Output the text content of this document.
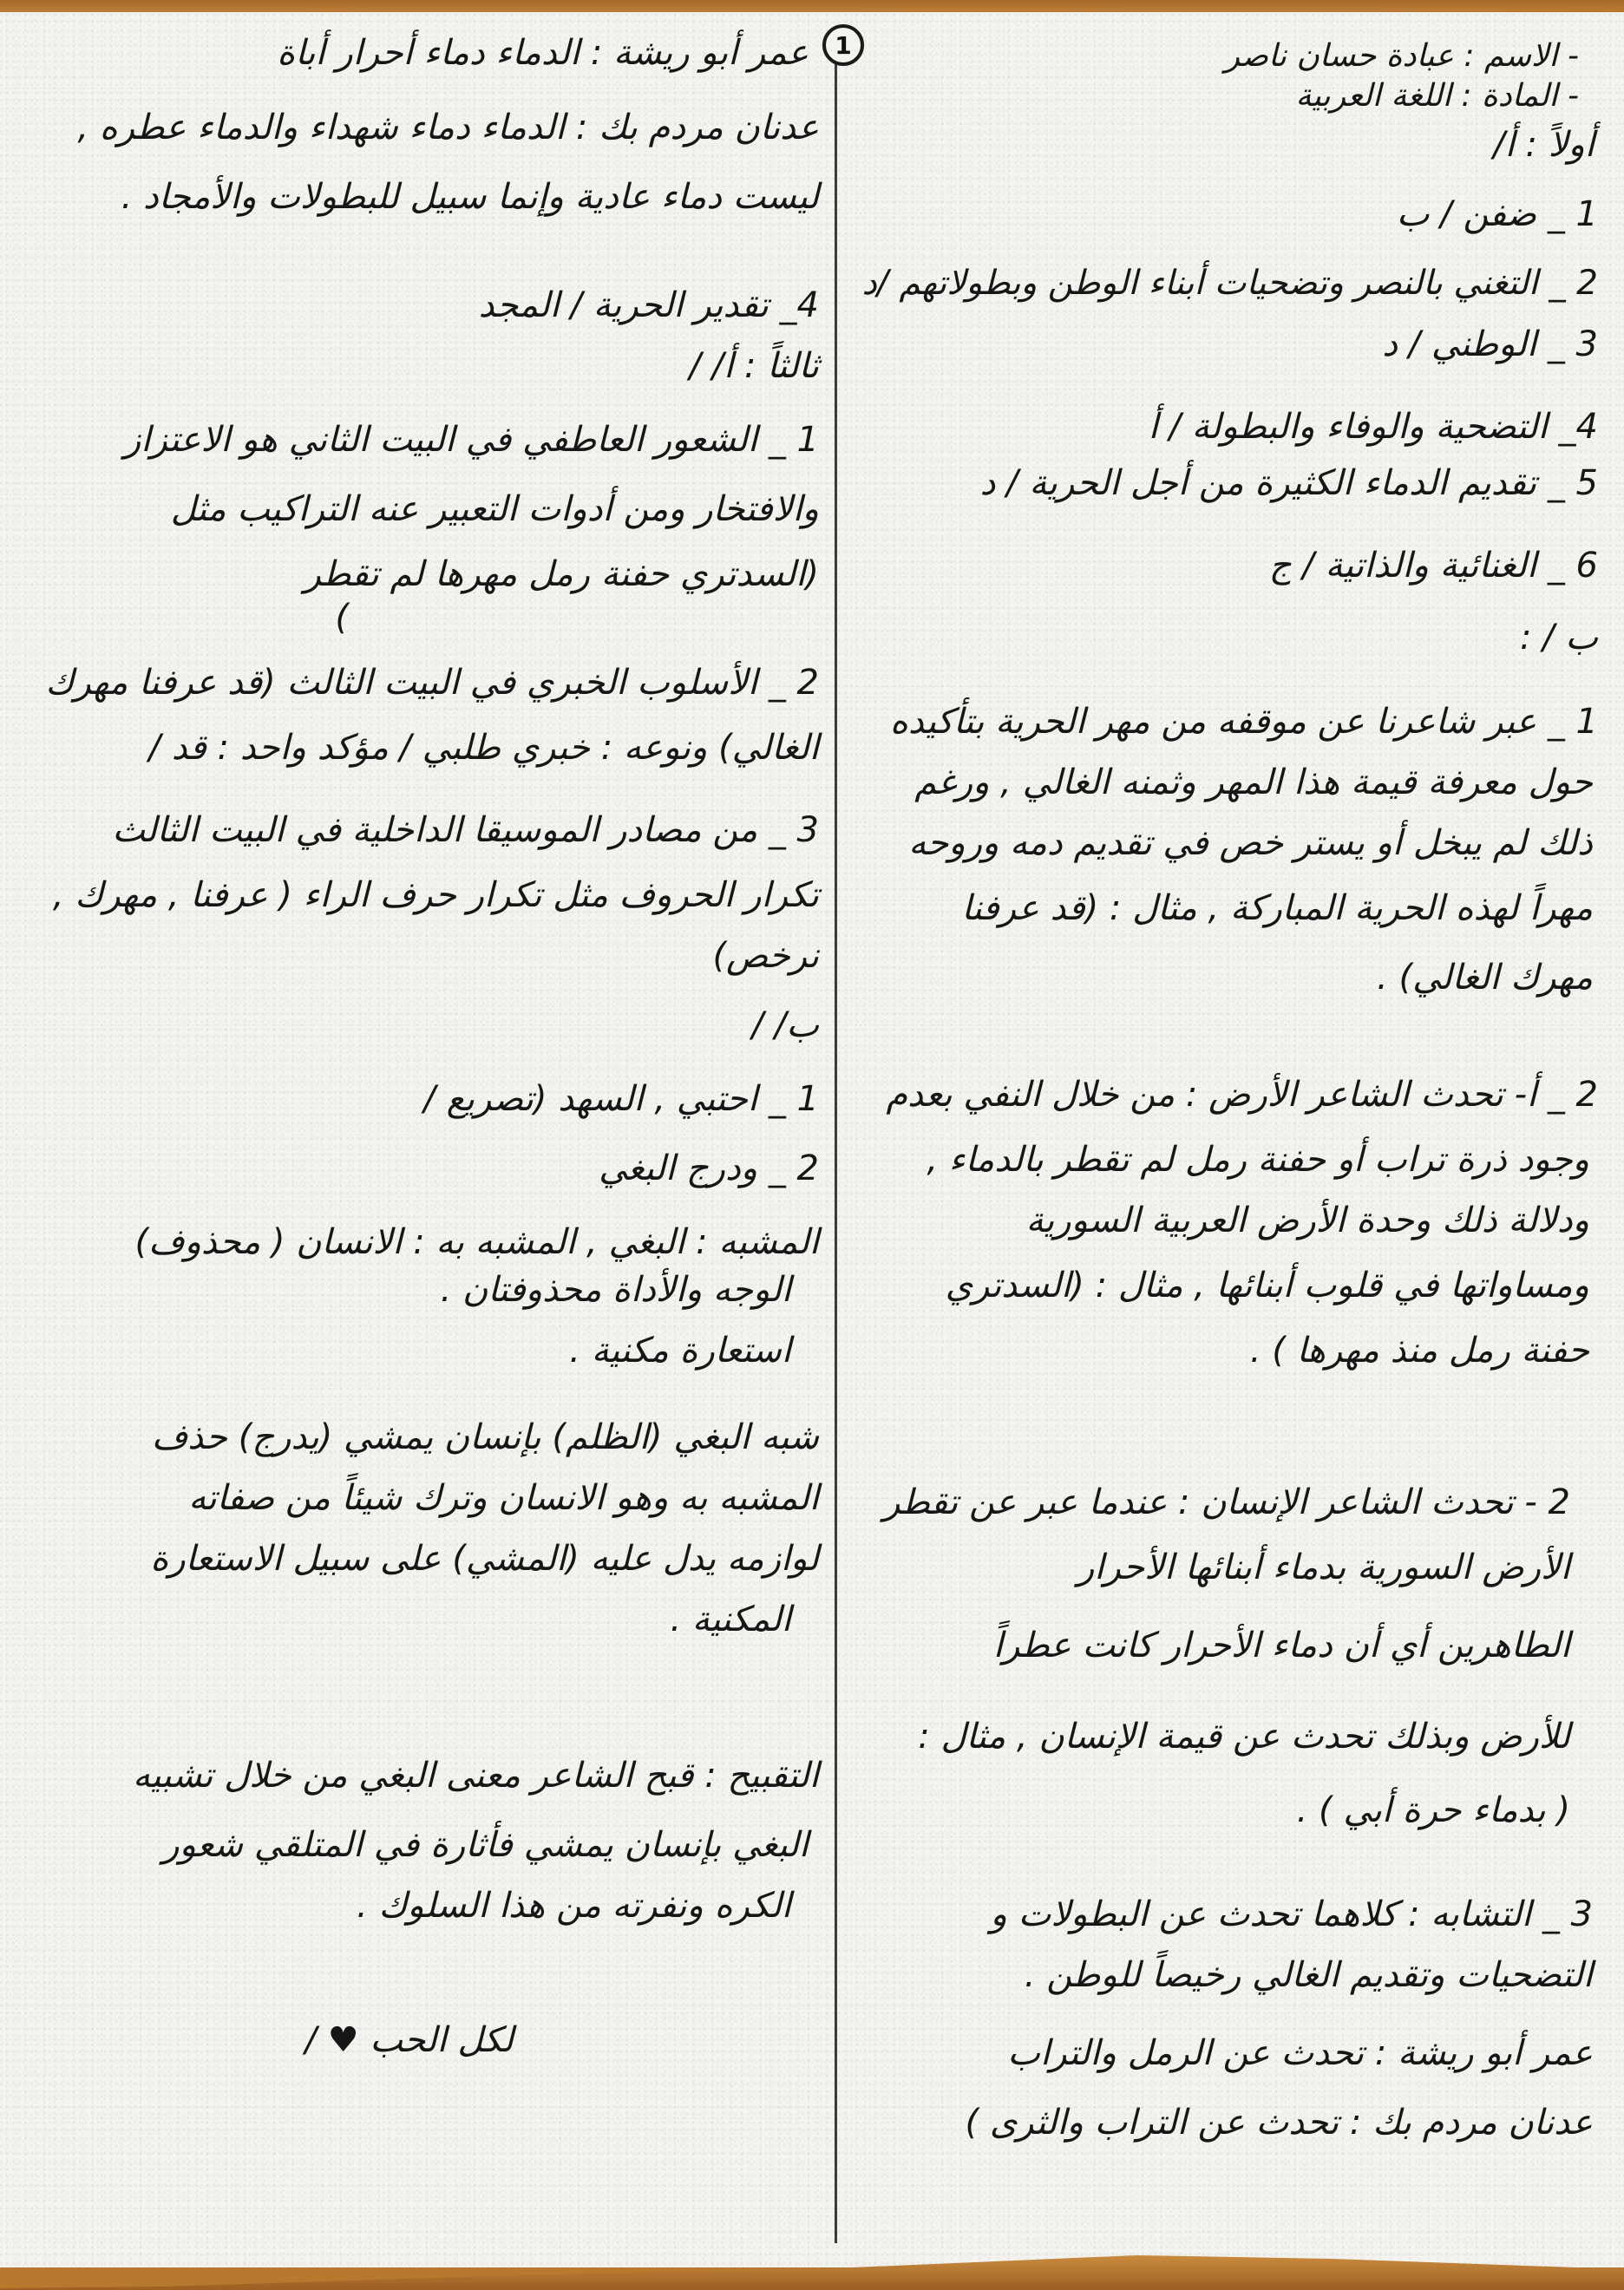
1	- الاسم : عبادة حسان ناصر
- المادة : اللغة العربية
أولاً : أ/
1 _ ضفن / ب
2 _ التغني بالنصر وتضحيات أبناء الوطن وبطولاتهم /د
3 _ الوطني / د
4_ التضحية والوفاء والبطولة / أ
5 _ تقديم الدماء الكثيرة من أجل الحرية / د
6 _ الغنائية والذاتية / ج
ب / :
1 _ عبر شاعرنا عن موقفه من مهر الحرية بتأكيده
حول معرفة قيمة هذا المهر وثمنه الغالي , ورغم
ذلك لم يبخل أو يستر خص في تقديم دمه وروحه
مهراً لهذه الحرية المباركة , مثال : (قد عرفنا
مهرك الغالي) .
2 _ أ- تحدث الشاعر الأرض : من خلال النفي بعدم
وجود ذرة تراب أو حفنة رمل لم تقطر بالدماء ,
ودلالة ذلك وحدة الأرض العربية السورية
ومساواتها في قلوب أبنائها , مثال : (السدتري
حفنة رمل منذ مهرها ) .
2 - تحدث الشاعر الإنسان : عندما عبر عن تقطر
الأرض السورية بدماء أبنائها الأحرار
الطاهرين أي أن دماء الأحرار كانت عطراً
للأرض وبذلك تحدث عن قيمة الإنسان , مثال :
( بدماء حرة أبي ) .
3 _ التشابه : كلاهما تحدث عن البطولات و
التضحيات وتقديم الغالي رخيصاً للوطن .
عمر أبو ريشة : تحدث عن الرمل والتراب
عدنان مردم بك : تحدث عن التراب والثرى )
عمر أبو ريشة : الدماء دماء أحرار أباة
عدنان مردم بك : الدماء دماء شهداء والدماء عطره ,
ليست دماء عادية وإنما سبيل للبطولات والأمجاد .
4_ تقدير الحرية / المجد
ثالثاً : أ/ /
1 _ الشعور العاطفي في البيت الثاني هو الاعتزاز
والافتخار ومن أدوات التعبير عنه التراكيب مثل
(السدتري حفنة رمل مهرها لم تقطر
)
2 _ الأسلوب الخبري في البيت الثالث (قد عرفنا مهرك
الغالي) ونوعه : خبري طلبي / مؤكد واحد : قد /
3 _ من مصادر الموسيقا الداخلية في البيت الثالث
تكرار الحروف مثل تكرار حرف الراء ( عرفنا , مهرك ,
نرخص)
ب/ /
1 _ احتبي , السهد (تصريع /
2 _ ودرج البغي
المشبه : البغي , المشبه به : الانسان ( محذوف)
الوجه والأداة محذوفتان .
استعارة مكنية .
شبه البغي (الظلم) بإنسان يمشي (يدرج) حذف
المشبه به وهو الانسان وترك شيئاً من صفاته
لوازمه يدل عليه (المشي) على سبيل الاستعارة
المكنية .
التقبيح : قبح الشاعر معنى البغي من خلال تشبيه
البغي بإنسان يمشي فأثارة في المتلقي شعور
الكره ونفرته من هذا السلوك .
لكل الحب ♥ /
